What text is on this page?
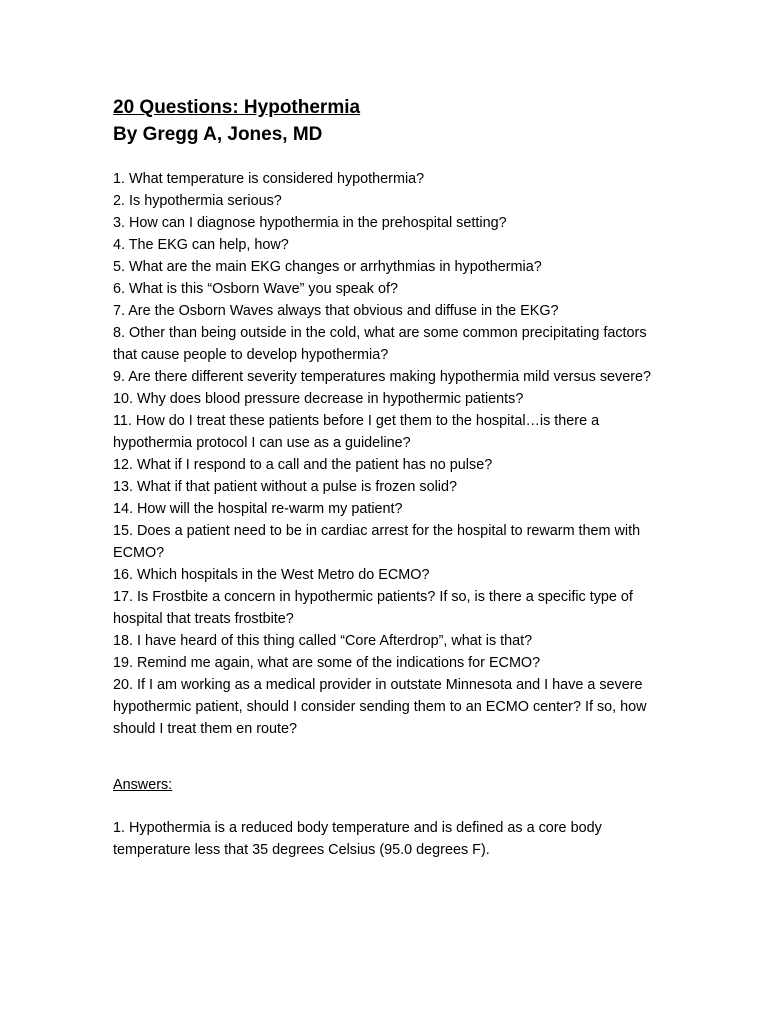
20 Questions: Hypothermia
By Gregg A, Jones, MD

1. What temperature is considered hypothermia?

2. Is hypothermia serious?

3. How can I diagnose hypothermia in the prehospital setting?

4. The EKG can help, how?

5. What are the main EKG changes or arrhythmias in hypothermia?

6. What is this “Osborn Wave” you speak of?

7. Are the Osborn Waves always that obvious and diffuse in the EKG?

8. Other than being outside in the cold, what are some common precipitating factors that cause people to develop hypothermia?

9. Are there different severity temperatures making hypothermia mild versus severe?

10. Why does blood pressure decrease in hypothermic patients?

11. How do I treat these patients before I get them to the hospital…is there a hypothermia protocol I can use as a guideline?

12. What if I respond to a call and the patient has no pulse?

13. What if that patient without a pulse is frozen solid?

14. How will the hospital re-warm my patient?

15. Does a patient need to be in cardiac arrest for the hospital to rewarm them with ECMO?

16. Which hospitals in the West Metro do ECMO?

17. Is Frostbite a concern in hypothermic patients? If so, is there a specific type of hospital that treats frostbite?

18. I have heard of this thing called “Core Afterdrop”, what is that?

19. Remind me again, what are some of the indications for ECMO?

20. If I am working as a medical provider in outstate Minnesota and I have a severe hypothermic patient, should I consider sending them to an ECMO center? If so, how should I treat them en route?

Answers:

1. Hypothermia is a reduced body temperature and is defined as a core body temperature less that 35 degrees Celsius (95.0 degrees F).
